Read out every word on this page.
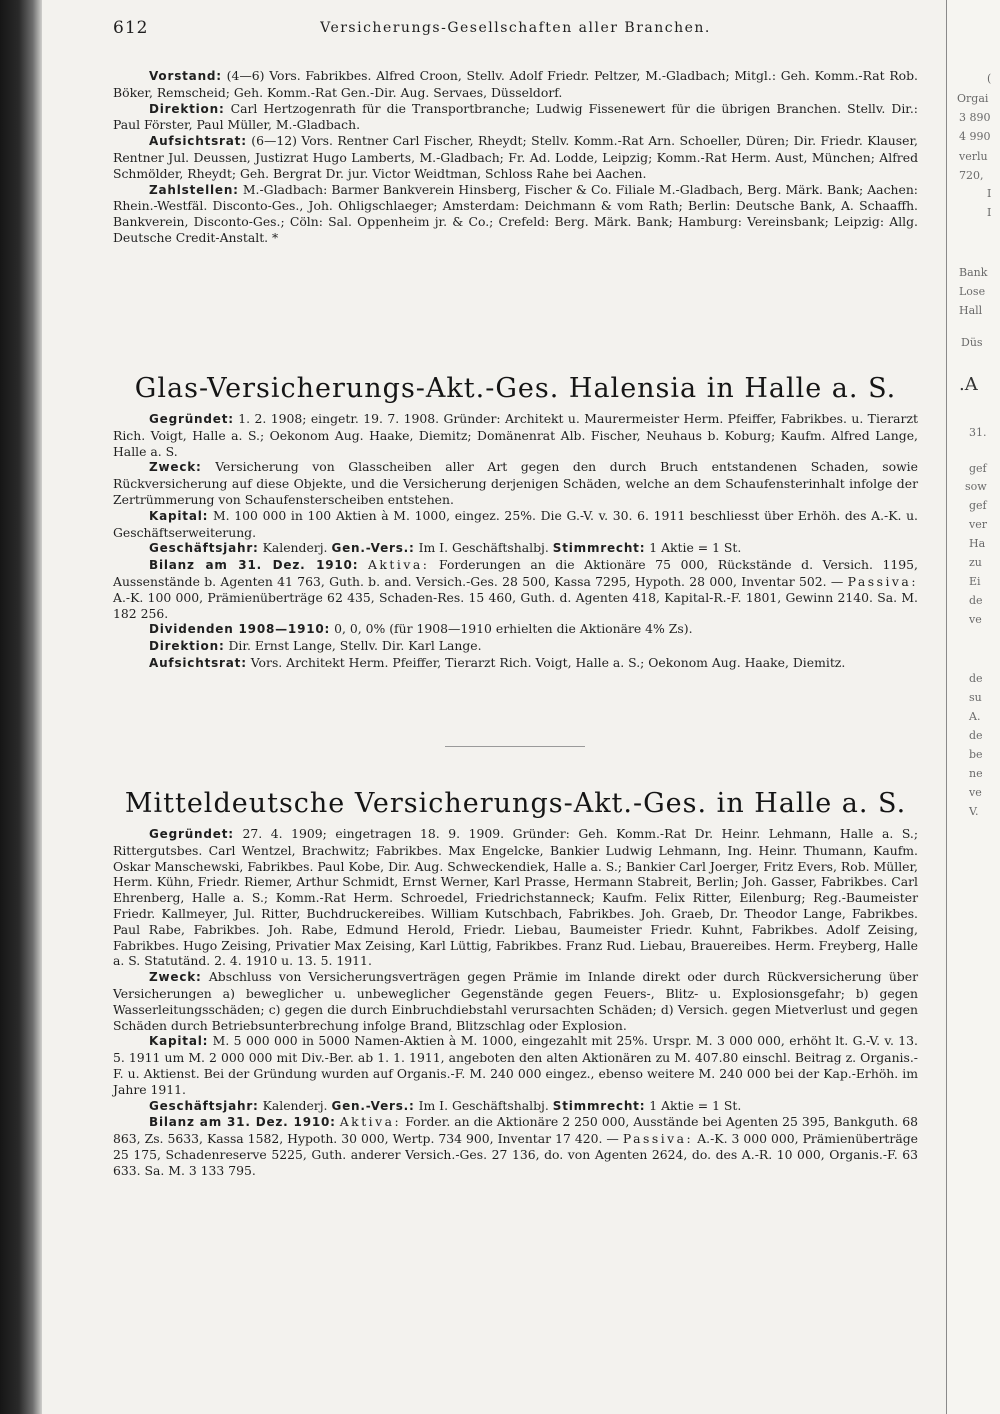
(
Orgai
3 890
4 990
verlu
720,
I
I
Bank
Lose
Hall
Düs
.A
31.
gef
sow
gef
ver
Ha
zu
Ei
de
ve
de
su
A.
de
be
ne
ve
V.
612	Versicherungs-Gesellschaften aller Branchen.

Vorstand: (4—6) Vors. Fabrikbes. Alfred Croon, Stellv. Adolf Friedr. Peltzer, M.-Gladbach; Mitgl.: Geh. Komm.-Rat Rob. Böker, Remscheid; Geh. Komm.-Rat Gen.-Dir. Aug. Servaes, Düsseldorf.

Direktion: Carl Hertzogenrath für die Transportbranche; Ludwig Fissenewert für die übrigen Branchen. Stellv. Dir.: Paul Förster, Paul Müller, M.-Gladbach.

Aufsichtsrat: (6—12) Vors. Rentner Carl Fischer, Rheydt; Stellv. Komm.-Rat Arn. Schoeller, Düren; Dir. Friedr. Klauser, Rentner Jul. Deussen, Justizrat Hugo Lamberts, M.-Gladbach; Fr. Ad. Lodde, Leipzig; Komm.-Rat Herm. Aust, München; Alfred Schmölder, Rheydt; Geh. Bergrat Dr. jur. Victor Weidtman, Schloss Rahe bei Aachen.

Zahlstellen: M.-Gladbach: Barmer Bankverein Hinsberg, Fischer & Co. Filiale M.-Gladbach, Berg. Märk. Bank; Aachen: Rhein.-Westfäl. Disconto-Ges., Joh. Ohligschlaeger; Amsterdam: Deichmann & vom Rath; Berlin: Deutsche Bank, A. Schaaffh. Bankverein, Disconto-Ges.; Cöln: Sal. Oppenheim jr. & Co.; Crefeld: Berg. Märk. Bank; Hamburg: Vereinsbank; Leipzig: Allg. Deutsche Credit-Anstalt. *

Glas-Versicherungs-Akt.-Ges. Halensia in Halle a. S.

Gegründet: 1. 2. 1908; eingetr. 19. 7. 1908. Gründer: Architekt u. Maurermeister Herm. Pfeiffer, Fabrikbes. u. Tierarzt Rich. Voigt, Halle a. S.; Oekonom Aug. Haake, Diemitz; Domänenrat Alb. Fischer, Neuhaus b. Koburg; Kaufm. Alfred Lange, Halle a. S.

Zweck: Versicherung von Glasscheiben aller Art gegen den durch Bruch entstandenen Schaden, sowie Rückversicherung auf diese Objekte, und die Versicherung derjenigen Schäden, welche an dem Schaufensterinhalt infolge der Zertrümmerung von Schaufensterscheiben entstehen.

Kapital: M. 100 000 in 100 Aktien à M. 1000, eingez. 25%. Die G.-V. v. 30. 6. 1911 beschliesst über Erhöh. des A.-K. u. Geschäftserweiterung.

Geschäftsjahr: Kalenderj. Gen.-Vers.: Im I. Geschäftshalbj. Stimmrecht: 1 Aktie = 1 St.

Bilanz am 31. Dez. 1910: Aktiva: Forderungen an die Aktionäre 75 000, Rückstände d. Versich. 1195, Aussenstände b. Agenten 41 763, Guth. b. and. Versich.-Ges. 28 500, Kassa 7295, Hypoth. 28 000, Inventar 502. — Passiva: A.-K. 100 000, Prämienüberträge 62 435, Schaden-Res. 15 460, Guth. d. Agenten 418, Kapital-R.-F. 1801, Gewinn 2140. Sa. M. 182 256.

Dividenden 1908—1910: 0, 0, 0% (für 1908—1910 erhielten die Aktionäre 4% Zs).

Direktion: Dir. Ernst Lange, Stellv. Dir. Karl Lange.

Aufsichtsrat: Vors. Architekt Herm. Pfeiffer, Tierarzt Rich. Voigt, Halle a. S.; Oekonom Aug. Haake, Diemitz.

Mitteldeutsche Versicherungs-Akt.-Ges. in Halle a. S.

Gegründet: 27. 4. 1909; eingetragen 18. 9. 1909. Gründer: Geh. Komm.-Rat Dr. Heinr. Lehmann, Halle a. S.; Rittergutsbes. Carl Wentzel, Brachwitz; Fabrikbes. Max Engelcke, Bankier Ludwig Lehmann, Ing. Heinr. Thumann, Kaufm. Oskar Manschewski, Fabrikbes. Paul Kobe, Dir. Aug. Schweckendiek, Halle a. S.; Bankier Carl Joerger, Fritz Evers, Rob. Müller, Herm. Kühn, Friedr. Riemer, Arthur Schmidt, Ernst Werner, Karl Prasse, Hermann Stabreit, Berlin; Joh. Gasser, Fabrikbes. Carl Ehrenberg, Halle a. S.; Komm.-Rat Herm. Schroedel, Friedrichstanneck; Kaufm. Felix Ritter, Eilenburg; Reg.-Baumeister Friedr. Kallmeyer, Jul. Ritter, Buchdruckereibes. William Kutschbach, Fabrikbes. Joh. Graeb, Dr. Theodor Lange, Fabrikbes. Paul Rabe, Fabrikbes. Joh. Rabe, Edmund Herold, Friedr. Liebau, Baumeister Friedr. Kuhnt, Fabrikbes. Adolf Zeising, Fabrikbes. Hugo Zeising, Privatier Max Zeising, Karl Lüttig, Fabrikbes. Franz Rud. Liebau, Brauereibes. Herm. Freyberg, Halle a. S. Statutänd. 2. 4. 1910 u. 13. 5. 1911.

Zweck: Abschluss von Versicherungsverträgen gegen Prämie im Inlande direkt oder durch Rückversicherung über Versicherungen a) beweglicher u. unbeweglicher Gegenstände gegen Feuers-, Blitz- u. Explosionsgefahr; b) gegen Wasserleitungsschäden; c) gegen die durch Einbruchdiebstahl verursachten Schäden; d) Versich. gegen Mietverlust und gegen Schäden durch Betriebsunterbrechung infolge Brand, Blitzschlag oder Explosion.

Kapital: M. 5 000 000 in 5000 Namen-Aktien à M. 1000, eingezahlt mit 25%. Urspr. M. 3 000 000, erhöht lt. G.-V. v. 13. 5. 1911 um M. 2 000 000 mit Div.-Ber. ab 1. 1. 1911, angeboten den alten Aktionären zu M. 407.80 einschl. Beitrag z. Organis.-F. u. Aktienst. Bei der Gründung wurden auf Organis.-F. M. 240 000 eingez., ebenso weitere M. 240 000 bei der Kap.-Erhöh. im Jahre 1911.

Geschäftsjahr: Kalenderj. Gen.-Vers.: Im I. Geschäftshalbj. Stimmrecht: 1 Aktie = 1 St.

Bilanz am 31. Dez. 1910: Aktiva: Forder. an die Aktionäre 2 250 000, Ausstände bei Agenten 25 395, Bankguth. 68 863, Zs. 5633, Kassa 1582, Hypoth. 30 000, Wertp. 734 900, Inventar 17 420. — Passiva: A.-K. 3 000 000, Prämienüberträge 25 175, Schadenreserve 5225, Guth. anderer Versich.-Ges. 27 136, do. von Agenten 2624, do. des A.-R. 10 000, Organis.-F. 63 633. Sa. M. 3 133 795.
